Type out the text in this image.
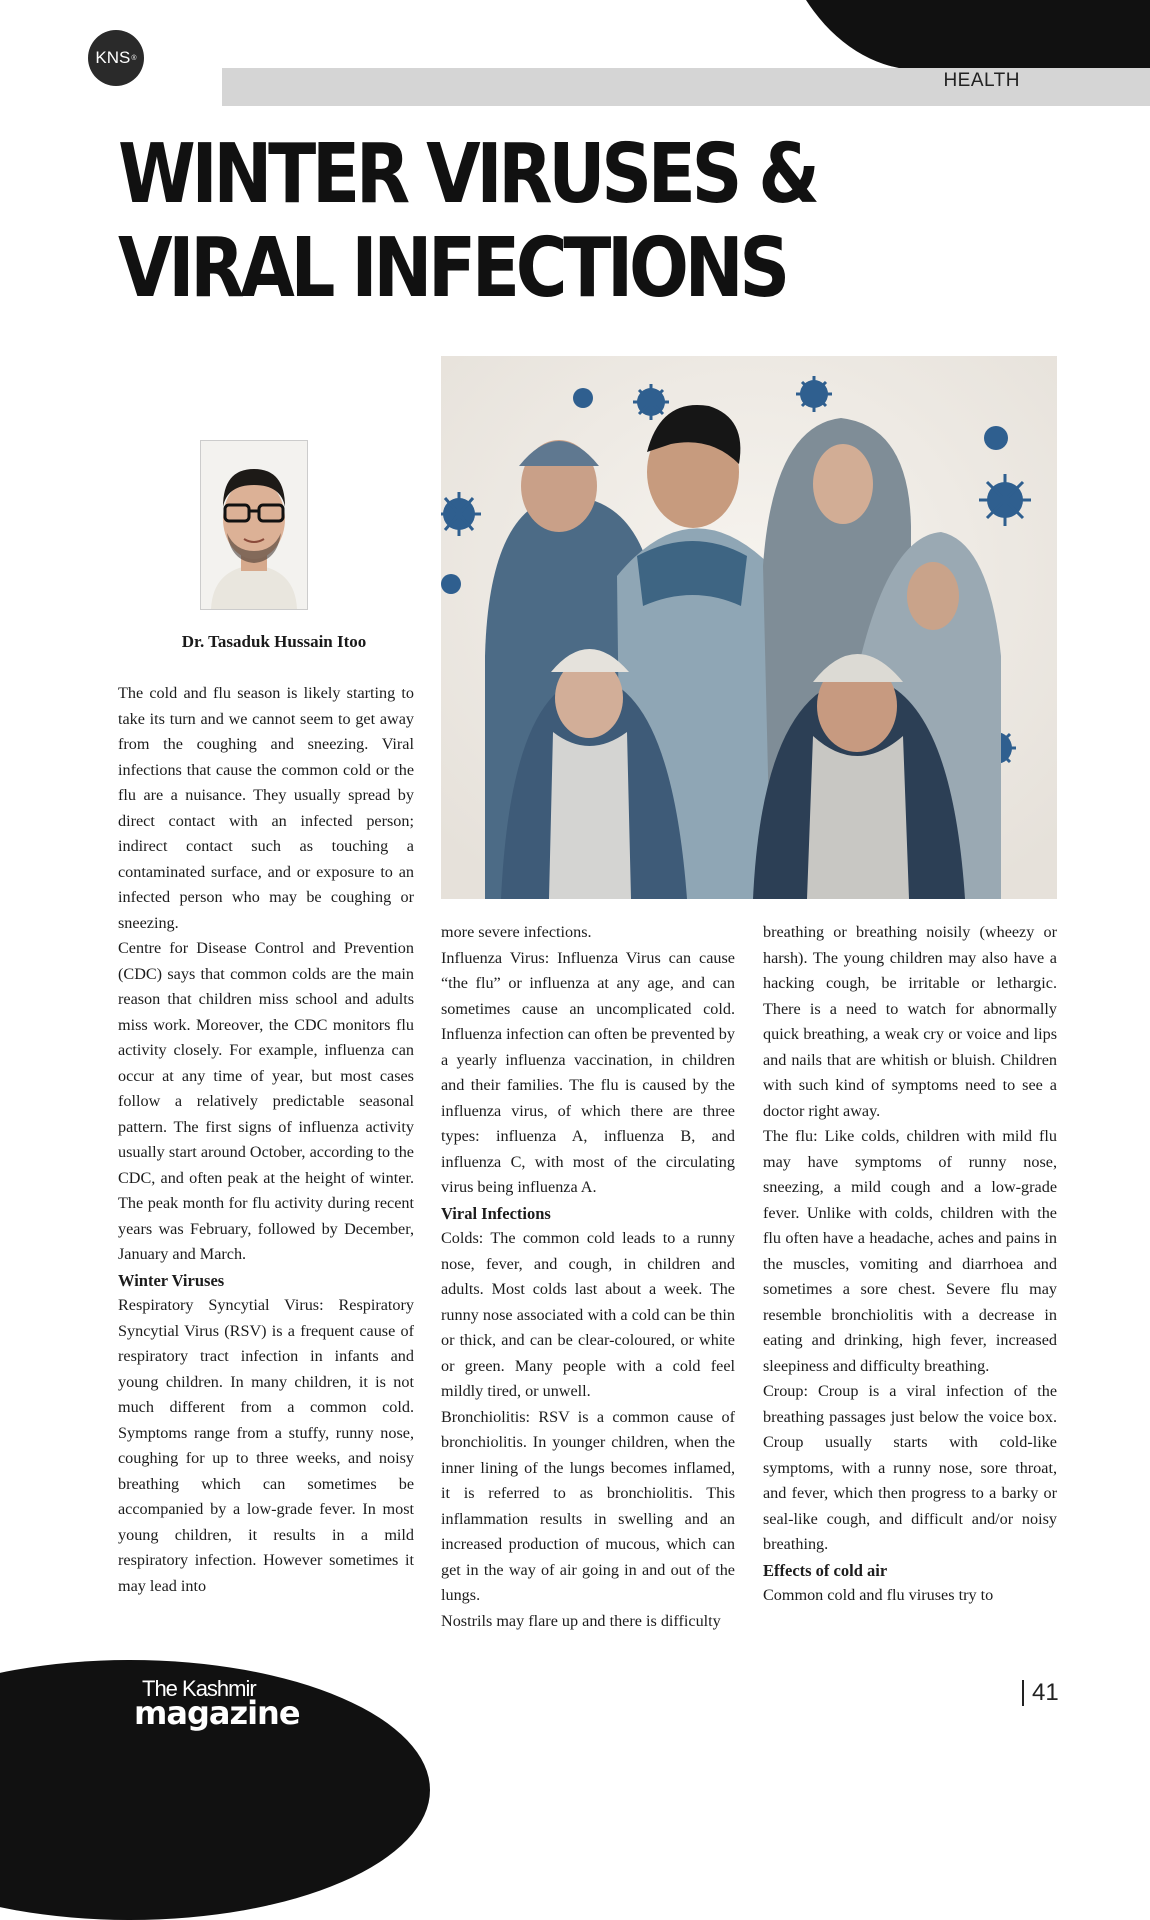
KNS ®
HEALTH
WINTER VIRUSES & VIRAL INFECTIONS
Dr. Tasaduk Hussain Itoo

The cold and flu season is likely starting to take its turn and we cannot seem to get away from the coughing and sneezing. Viral infections that cause the common cold or the flu are a nuisance. They usually spread by direct contact with an infected person; indirect contact such as touching a contaminated surface, and or exposure to an infected person who may be coughing or sneezing.

Centre for Disease Control and Prevention (CDC) says that common colds are the main reason that children miss school and adults miss work. Moreover, the CDC monitors flu activity closely. For example, influenza can occur at any time of year, but most cases follow a relatively predictable seasonal pattern. The first signs of influenza activity usually start around October, according to the CDC, and often peak at the height of winter. The peak month for flu activity during recent years was February, followed by December, January and March.

Winter Viruses

Respiratory Syncytial Virus: Respiratory Syncytial Virus (RSV) is a frequent cause of respiratory tract infection in infants and young children. In many children, it is not much different from a common cold. Symptoms range from a stuffy, runny nose, coughing for up to three weeks, and noisy breathing which can sometimes be accompanied by a low-grade fever. In most young children, it results in a mild respiratory infection. However sometimes it may lead into

more severe infections.

Influenza Virus: Influenza Virus can cause “the flu” or influenza at any age, and can sometimes cause an uncomplicated cold. Influenza infection can often be prevented by a yearly influenza vaccination, in children and their families. The flu is caused by the influenza virus, of which there are three types: influenza A, influenza B, and influenza C, with most of the circulating virus being influenza A.

Viral Infections

Colds: The common cold leads to a runny nose, fever, and cough, in children and adults. Most colds last about a week. The runny nose associated with a cold can be thin or thick, and can be clear-coloured, or white or green. Many people with a cold feel mildly tired, or unwell.

Bronchiolitis: RSV is a common cause of bronchiolitis. In younger children, when the inner lining of the lungs becomes inflamed, it is referred to as bronchiolitis. This inflammation results in swelling and an increased production of mucous, which can get in the way of air going in and out of the lungs.

Nostrils may flare up and there is difficulty

breathing or breathing noisily (wheezy or harsh). The young children may also have a hacking cough, be irritable or lethargic. There is a need to watch for abnormally quick breathing, a weak cry or voice and lips and nails that are whitish or bluish. Children with such kind of symptoms need to see a doctor right away.

The flu: Like colds, children with mild flu may have symptoms of runny nose, sneezing, a mild cough and a low-grade fever. Unlike with colds, children with the flu often have a headache, aches and pains in the muscles, vomiting and diarrhoea and sometimes a sore chest. Severe flu may resemble bronchiolitis with a decrease in eating and drinking, high fever, increased sleepiness and difficulty breathing.

Croup: Croup is a viral infection of the breathing passages just below the voice box. Croup usually starts with cold-like symptoms, with a runny nose, sore throat, and fever, which then progress to a barky or seal-like cough, and difficult and/or noisy breathing.

Effects of cold air

Common cold and flu viruses try to

The Kashmir
magazine
41
